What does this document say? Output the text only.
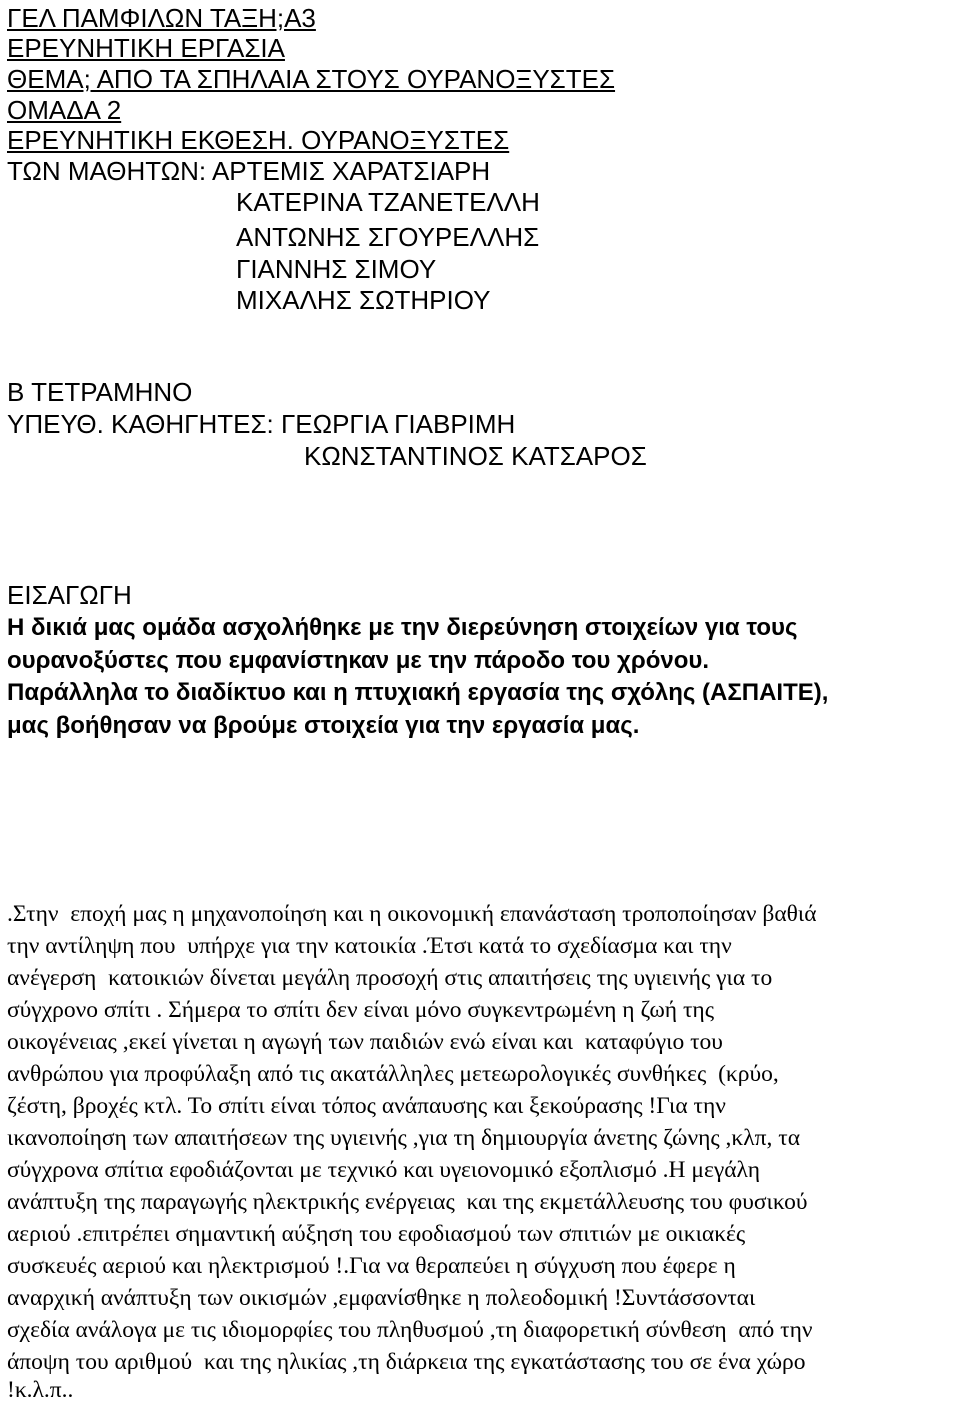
ΓΕΛ ΠΑΜΦΙΛΩΝ ΤΑΞΗ;Α3
ΕΡΕΥΝΗΤΙΚΗ ΕΡΓΑΣΙΑ
ΘΕΜΑ; ΑΠΟ ΤΑ ΣΠΗΛΑΙΑ ΣΤΟΥΣ ΟΥΡΑΝΟΞΥΣΤΕΣ
ΟΜΑΔΑ 2
ΕΡΕΥΝΗΤΙΚΗ ΕΚΘΕΣΗ. ΟΥΡΑΝΟΞΥΣΤΕΣ
ΤΩΝ ΜΑΘΗΤΩΝ: ΑΡΤΕΜΙΣ ΧΑΡΑΤΣΙΑΡΗ
ΚΑΤΕΡΙΝΑ ΤΖΑΝΕΤΕΛΛΗ
ΑΝΤΩΝΗΣ ΣΓΟΥΡΕΛΛΗΣ
ΓΙΑΝΝΗΣ ΣΙΜΟΥ
ΜΙΧΑΛΗΣ ΣΩΤΗΡΙΟΥ
Β ΤΕΤΡΑΜΗΝΟ
ΥΠΕΥΘ. ΚΑΘΗΓΗΤΕΣ: ΓΕΩΡΓΙΑ ΓΙΑΒΡΙΜΗ
ΚΩΝΣΤΑΝΤΙΝΟΣ ΚΑΤΣΑΡΟΣ
ΕΙΣΑΓΩΓΗ
Η δικιά μας ομάδα ασχολήθηκε με την διερεύνηση στοιχείων για τους
ουρανοξύστες που εμφανίστηκαν με την πάροδο του χρόνου.
Παράλληλα το διαδίκτυο και η πτυχιακή εργασία της σχόλης (ΑΣΠΑΙΤΕ),
μας βοήθησαν να βρούμε στοιχεία για την εργασία μας.
.Στην  εποχή μας η μηχανοποίηση και η οικονομική επανάσταση τροποποίησαν βαθιά
την αντίληψη που  υπήρχε για την κατοικία .Έτσι κατά το σχεδίασμα και την
ανέγερση  κατοικιών δίνεται μεγάλη προσοχή στις απαιτήσεις της υγιεινής για το
σύγχρονο σπίτι . Σήμερα το σπίτι δεν είναι μόνο συγκεντρωμένη η ζωή της
οικογένειας ,εκεί γίνεται η αγωγή των παιδιών ενώ είναι και  καταφύγιο του
ανθρώπου για προφύλαξη από τις ακατάλληλες μετεωρολογικές συνθήκες  (κρύο,
ζέστη, βροχές κτλ. Το σπίτι είναι τόπος ανάπαυσης και ξεκούρασης !Για την
ικανοποίηση των απαιτήσεων της υγιεινής ,για τη δημιουργία άνετης ζώνης ,κλπ, τα
σύγχρονα σπίτια εφοδιάζονται με τεχνικό και υγειονομικό εξοπλισμό .Η μεγάλη
ανάπτυξη της παραγωγής ηλεκτρικής ενέργειας  και της εκμετάλλευσης του φυσικού
αεριού .επιτρέπει σημαντική αύξηση του εφοδιασμού των σπιτιών με οικιακές
συσκευές αεριού και ηλεκτρισμού !.Για να θεραπεύει η σύγχυση που έφερε η
αναρχική ανάπτυξη των οικισμών ,εμφανίσθηκε η πολεοδομική !Συντάσσονται
σχεδία ανάλογα με τις ιδιομορφίες του πληθυσμού ,τη διαφορετική σύνθεση  από την
άποψη του αριθμού  και της ηλικίας ,τη διάρκεια της εγκατάστασης του σε ένα χώρο
!κ.λ.π..
